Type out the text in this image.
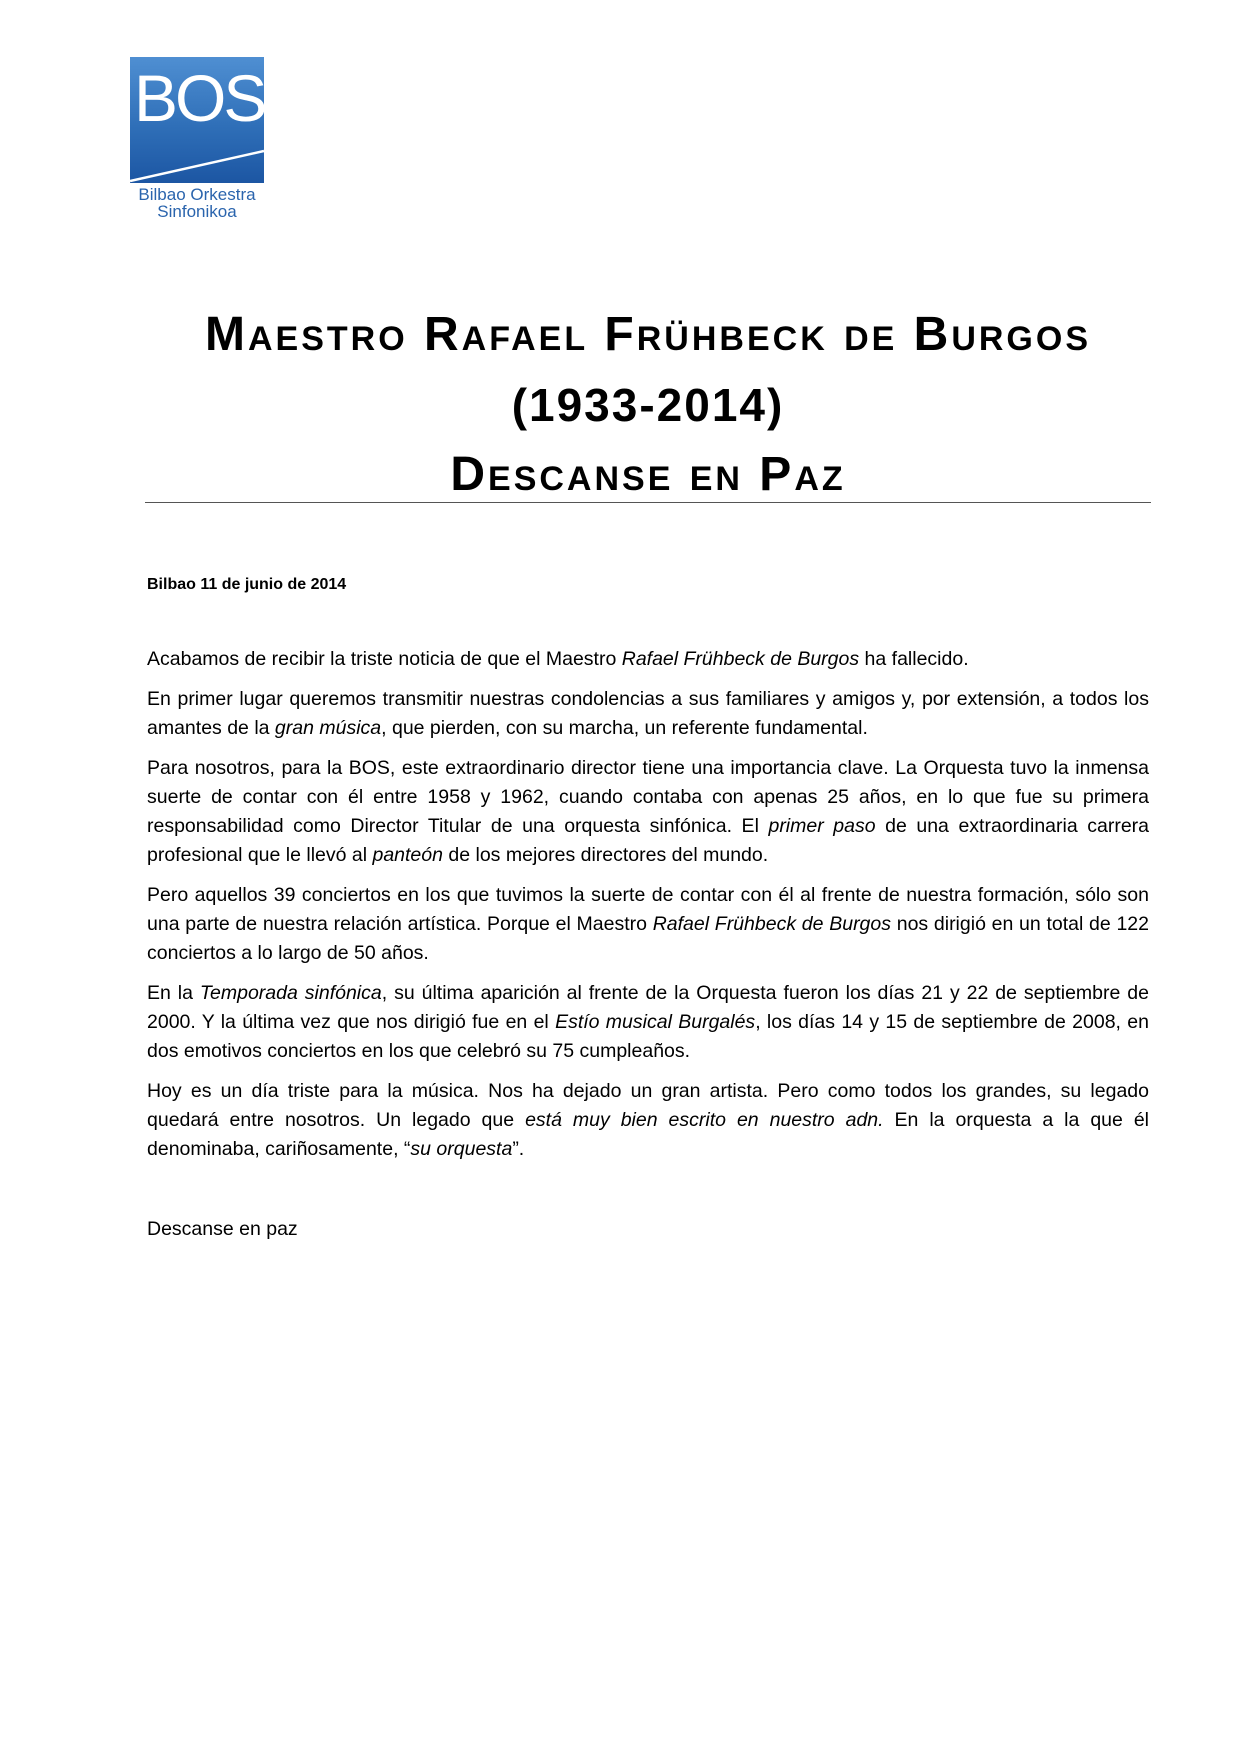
BOS
Bilbao Orkestra
Sinfonikoa
Maestro Rafael Frühbeck de Burgos
(1933-2014)
Descanse en Paz
Bilbao 11 de junio de 2014

Acabamos de recibir la triste noticia de que el Maestro Rafael Frühbeck de Burgos ha fallecido.

En primer lugar queremos transmitir nuestras condolencias a sus familiares y amigos y, por extensión, a todos los amantes de la gran música, que pierden, con su marcha, un referente fundamental.

Para nosotros, para la BOS, este extraordinario director tiene una importancia clave. La Orquesta tuvo la inmensa suerte de contar con él entre 1958 y 1962, cuando contaba con apenas 25 años, en lo que fue su primera responsabilidad como Director Titular de una orquesta sinfónica. El primer paso de una extraordinaria carrera profesional que le llevó al panteón de los mejores directores del mundo.

Pero aquellos 39 conciertos en los que tuvimos la suerte de contar con él al frente de nuestra formación, sólo son una parte de nuestra relación artística. Porque el Maestro Rafael Frühbeck de Burgos nos dirigió en un total de 122 conciertos a lo largo de 50 años.

En la Temporada sinfónica, su última aparición al frente de la Orquesta fueron los días 21 y 22 de septiembre de 2000. Y la última vez que nos dirigió fue en el Estío musical Burgalés, los días 14 y 15 de septiembre de 2008, en dos emotivos conciertos en los que celebró su 75 cumpleaños.

Hoy es un día triste para la música. Nos ha dejado un gran artista. Pero como todos los grandes, su legado quedará entre nosotros. Un legado que está muy bien escrito en nuestro adn. En la orquesta a la que él denominaba, cariñosamente, “su orquesta”.

Descanse en paz
